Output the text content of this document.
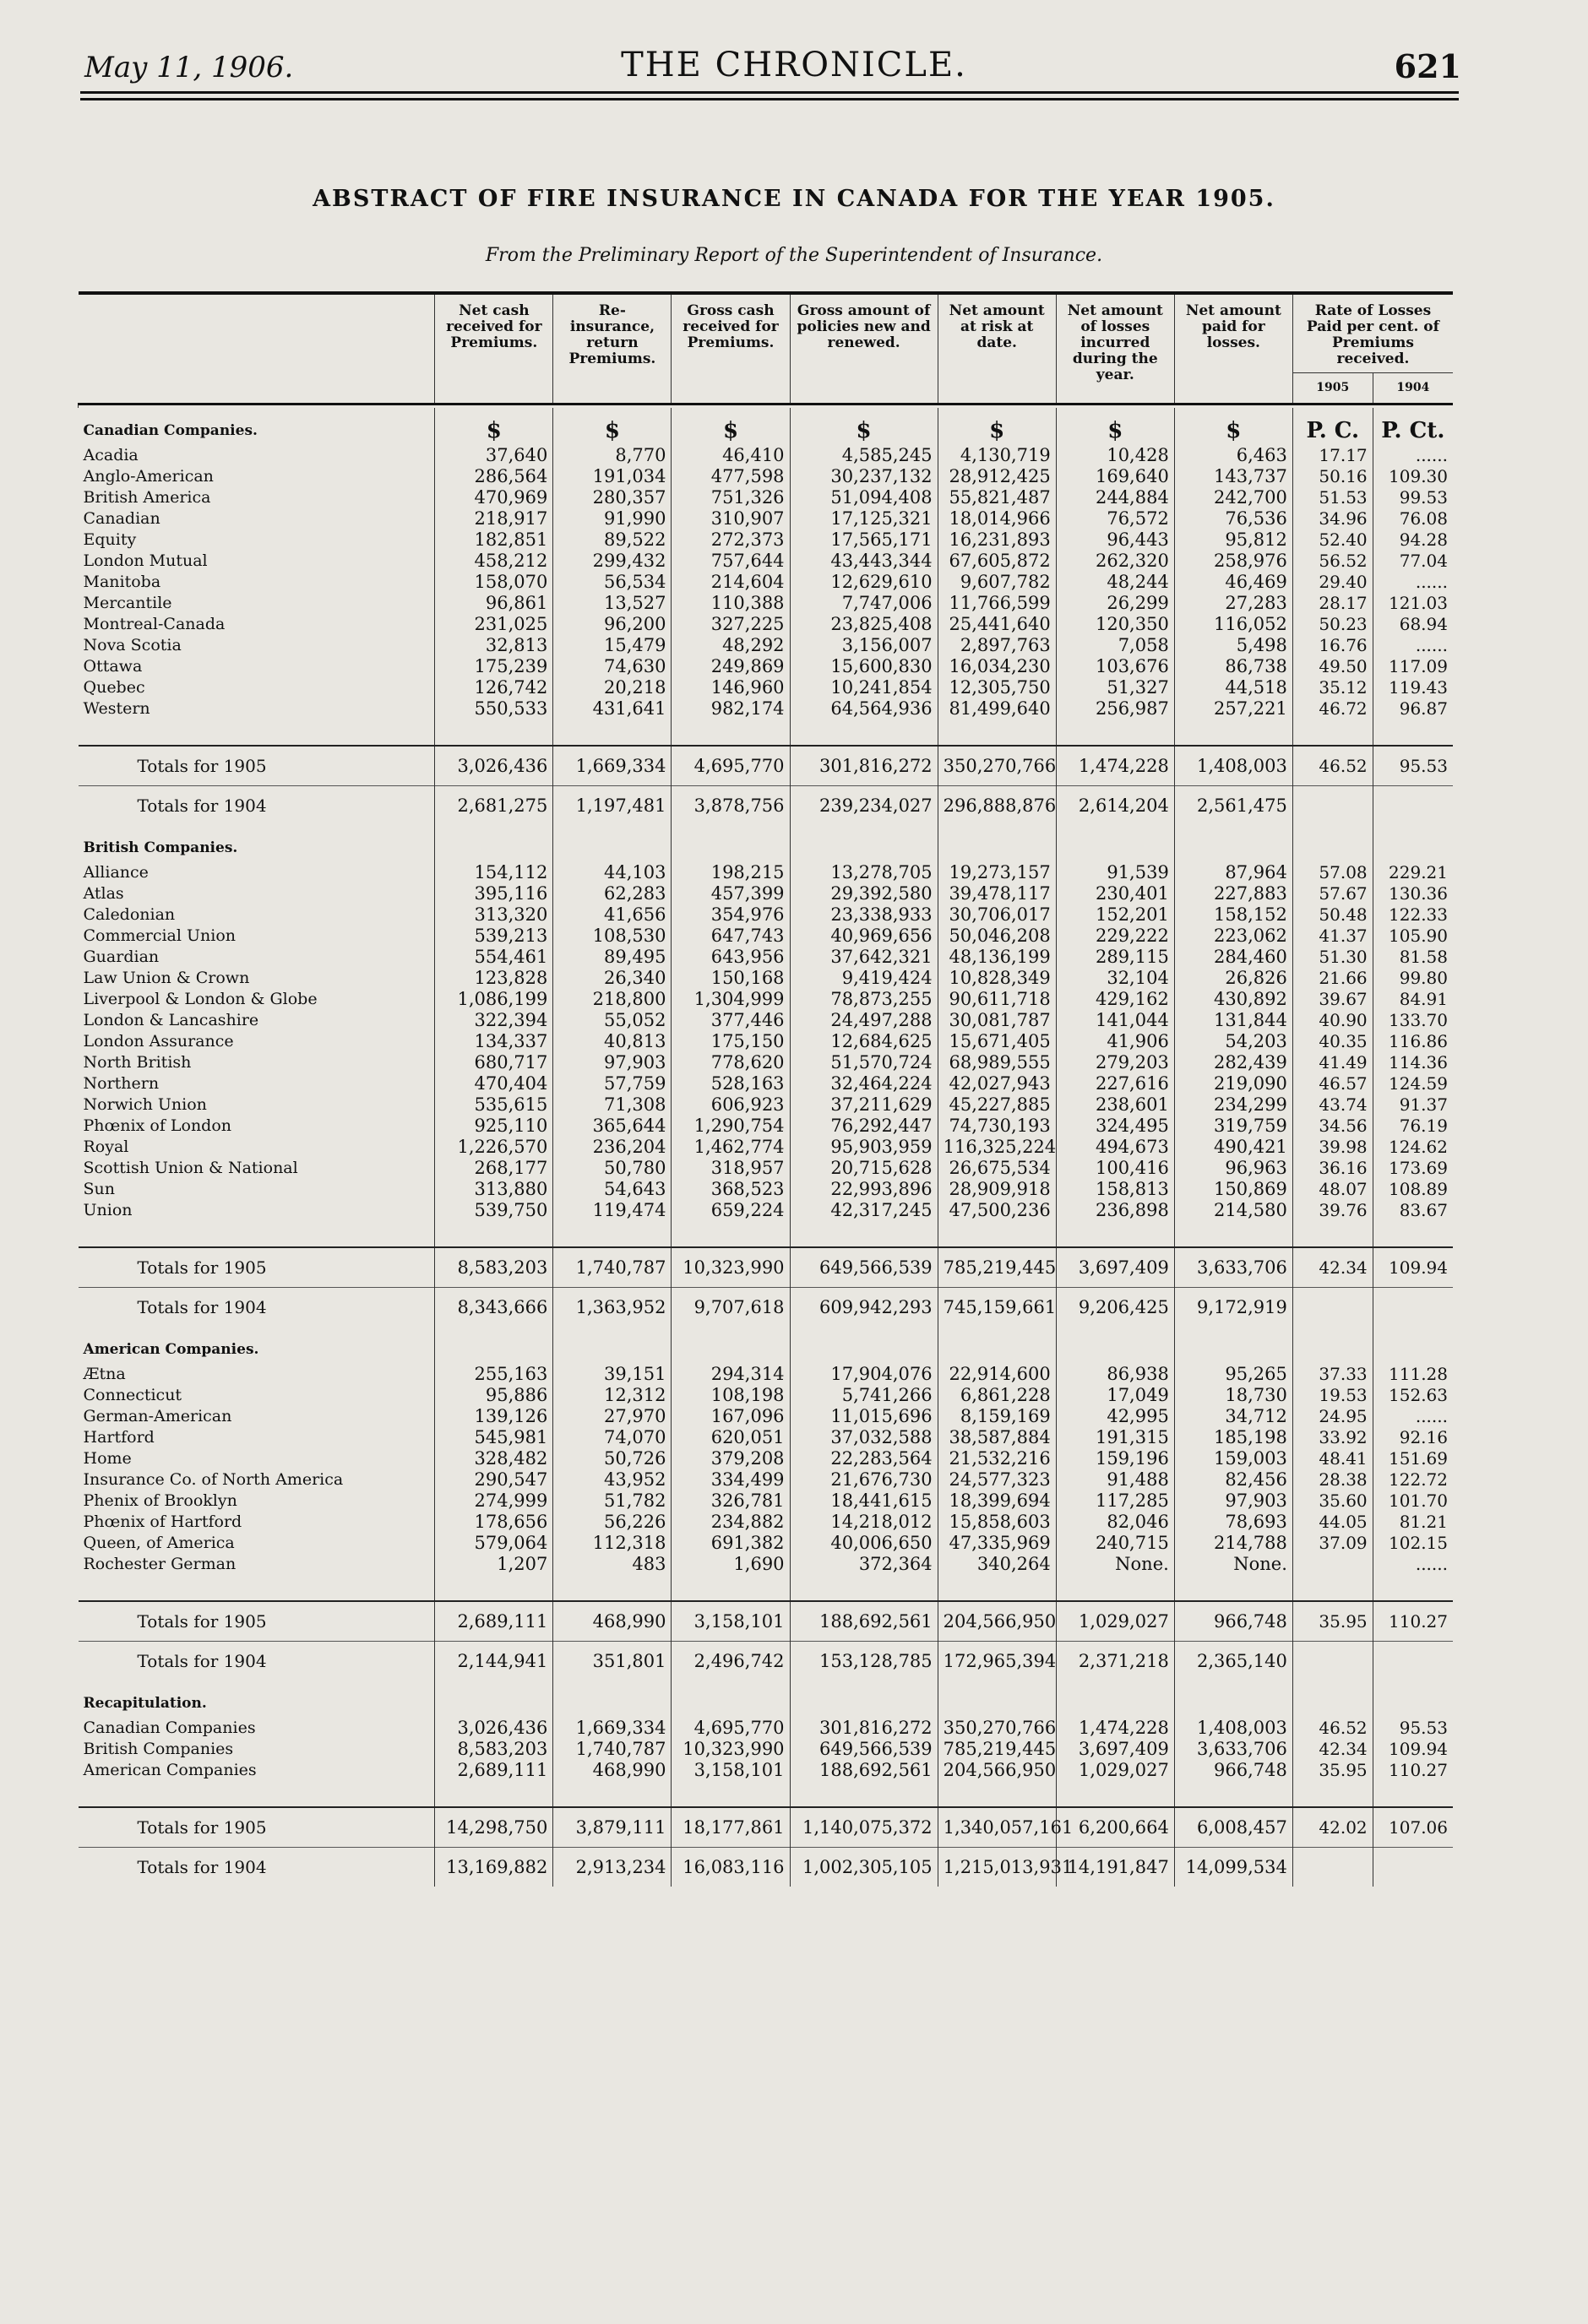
May 11, 1906.	THE CHRONICLE.	621
ABSTRACT OF FIRE INSURANCE IN CANADA FOR THE YEAR 1905.
From the Preliminary Report of the Superintendent of Insurance.

	Net cash received for Premiums.	Re-insurance, return Premiums.	Gross cash received for Premiums.	Gross amount of policies new and renewed.	Net amount at risk at date.	Net amount of losses incurred during the year.	Net amount paid for losses.	Rate of Losses Paid per cent. of Premiums received.	
								1905	1904

Canadian Companies.	$	$	$	$	$	$	$	P. C.	P. Ct.
Acadia	37,640	8,770	46,410	4,585,245	4,130,719	10,428	6,463	17.17	......
Anglo-American	286,564	191,034	477,598	30,237,132	28,912,425	169,640	143,737	50.16	109.30
British America	470,969	280,357	751,326	51,094,408	55,821,487	244,884	242,700	51.53	99.53
Canadian	218,917	91,990	310,907	17,125,321	18,014,966	76,572	76,536	34.96	76.08
Equity	182,851	89,522	272,373	17,565,171	16,231,893	96,443	95,812	52.40	94.28
London Mutual	458,212	299,432	757,644	43,443,344	67,605,872	262,320	258,976	56.52	77.04
Manitoba	158,070	56,534	214,604	12,629,610	9,607,782	48,244	46,469	29.40	......
Mercantile	96,861	13,527	110,388	7,747,006	11,766,599	26,299	27,283	28.17	121.03
Montreal-Canada	231,025	96,200	327,225	23,825,408	25,441,640	120,350	116,052	50.23	68.94
Nova Scotia	32,813	15,479	48,292	3,156,007	2,897,763	7,058	5,498	16.76	......
Ottawa	175,239	74,630	249,869	15,600,830	16,034,230	103,676	86,738	49.50	117.09
Quebec	126,742	20,218	146,960	10,241,854	12,305,750	51,327	44,518	35.12	119.43
Western	550,533	431,641	982,174	64,564,936	81,499,640	256,987	257,221	46.72	96.87

Totals for 1905	3,026,436	1,669,334	4,695,770	301,816,272	350,270,766	1,474,228	1,408,003	46.52	95.53
Totals for 1904	2,681,275	1,197,481	3,878,756	239,234,027	296,888,876	2,614,204	2,561,475		
British Companies.									
Alliance	154,112	44,103	198,215	13,278,705	19,273,157	91,539	87,964	57.08	229.21
Atlas	395,116	62,283	457,399	29,392,580	39,478,117	230,401	227,883	57.67	130.36
Caledonian	313,320	41,656	354,976	23,338,933	30,706,017	152,201	158,152	50.48	122.33
Commercial Union	539,213	108,530	647,743	40,969,656	50,046,208	229,222	223,062	41.37	105.90
Guardian	554,461	89,495	643,956	37,642,321	48,136,199	289,115	284,460	51.30	81.58
Law Union & Crown	123,828	26,340	150,168	9,419,424	10,828,349	32,104	26,826	21.66	99.80
Liverpool & London & Globe	1,086,199	218,800	1,304,999	78,873,255	90,611,718	429,162	430,892	39.67	84.91
London & Lancashire	322,394	55,052	377,446	24,497,288	30,081,787	141,044	131,844	40.90	133.70
London Assurance	134,337	40,813	175,150	12,684,625	15,671,405	41,906	54,203	40.35	116.86
North British	680,717	97,903	778,620	51,570,724	68,989,555	279,203	282,439	41.49	114.36
Northern	470,404	57,759	528,163	32,464,224	42,027,943	227,616	219,090	46.57	124.59
Norwich Union	535,615	71,308	606,923	37,211,629	45,227,885	238,601	234,299	43.74	91.37
Phœnix of London	925,110	365,644	1,290,754	76,292,447	74,730,193	324,495	319,759	34.56	76.19
Royal	1,226,570	236,204	1,462,774	95,903,959	116,325,224	494,673	490,421	39.98	124.62
Scottish Union & National	268,177	50,780	318,957	20,715,628	26,675,534	100,416	96,963	36.16	173.69
Sun	313,880	54,643	368,523	22,993,896	28,909,918	158,813	150,869	48.07	108.89
Union	539,750	119,474	659,224	42,317,245	47,500,236	236,898	214,580	39.76	83.67

Totals for 1905	8,583,203	1,740,787	10,323,990	649,566,539	785,219,445	3,697,409	3,633,706	42.34	109.94
Totals for 1904	8,343,666	1,363,952	9,707,618	609,942,293	745,159,661	9,206,425	9,172,919		
American Companies.									
Ætna	255,163	39,151	294,314	17,904,076	22,914,600	86,938	95,265	37.33	111.28
Connecticut	95,886	12,312	108,198	5,741,266	6,861,228	17,049	18,730	19.53	152.63
German-American	139,126	27,970	167,096	11,015,696	8,159,169	42,995	34,712	24.95	......
Hartford	545,981	74,070	620,051	37,032,588	38,587,884	191,315	185,198	33.92	92.16
Home	328,482	50,726	379,208	22,283,564	21,532,216	159,196	159,003	48.41	151.69
Insurance Co. of North America	290,547	43,952	334,499	21,676,730	24,577,323	91,488	82,456	28.38	122.72
Phenix of Brooklyn	274,999	51,782	326,781	18,441,615	18,399,694	117,285	97,903	35.60	101.70
Phœnix of Hartford	178,656	56,226	234,882	14,218,012	15,858,603	82,046	78,693	44.05	81.21
Queen, of America	579,064	112,318	691,382	40,006,650	47,335,969	240,715	214,788	37.09	102.15
Rochester German	1,207	483	1,690	372,364	340,264	None.	None.		......

Totals for 1905	2,689,111	468,990	3,158,101	188,692,561	204,566,950	1,029,027	966,748	35.95	110.27
Totals for 1904	2,144,941	351,801	2,496,742	153,128,785	172,965,394	2,371,218	2,365,140		
Recapitulation.									
Canadian Companies	3,026,436	1,669,334	4,695,770	301,816,272	350,270,766	1,474,228	1,408,003	46.52	95.53
British Companies	8,583,203	1,740,787	10,323,990	649,566,539	785,219,445	3,697,409	3,633,706	42.34	109.94
American Companies	2,689,111	468,990	3,158,101	188,692,561	204,566,950	1,029,027	966,748	35.95	110.27

Totals for 1905	14,298,750	3,879,111	18,177,861	1,140,075,372	1,340,057,161	6,200,664	6,008,457	42.02	107.06
Totals for 1904	13,169,882	2,913,234	16,083,116	1,002,305,105	1,215,013,931	14,191,847	14,099,534		
